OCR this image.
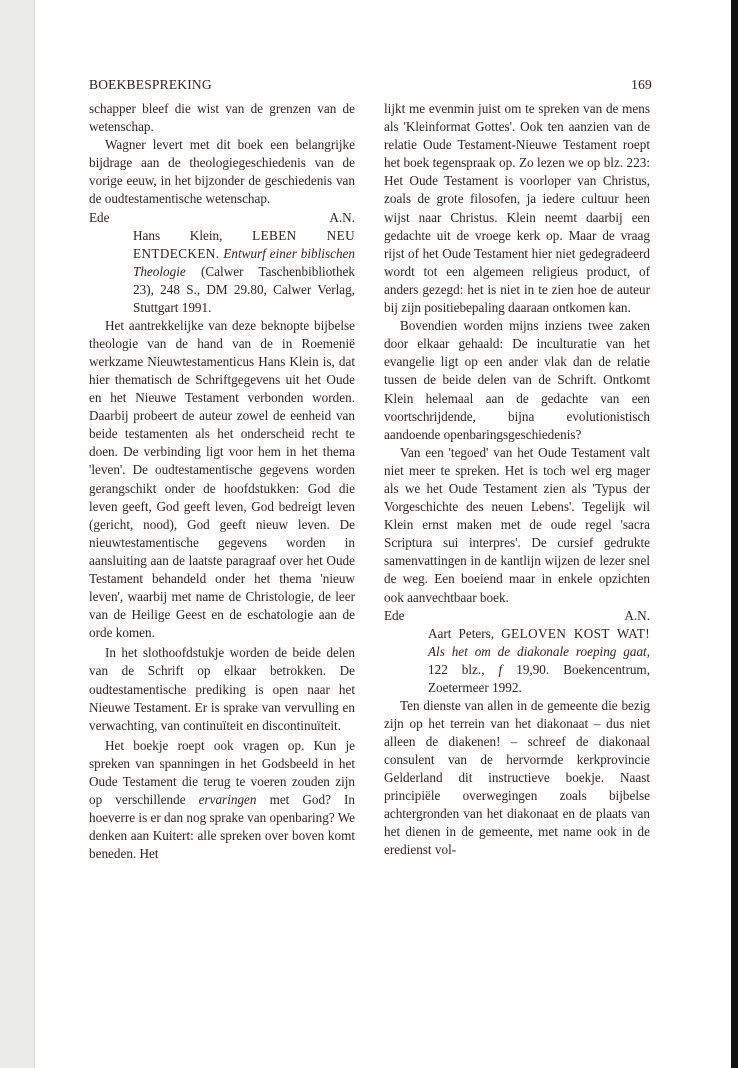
BOEKBESPREKING	169

schapper bleef die wist van de grenzen van de wetenschap.

Wagner levert met dit boek een belangrijke bijdrage aan de theologiegeschiedenis van de vorige eeuw, in het bijzonder de geschiedenis van de oudtestamentische wetenschap.

Ede	A.N.

Hans Klein, LEBEN NEU ENTDECKEN. Entwurf einer biblischen Theologie (Calwer Taschenbibliothek 23), 248 S., DM 29.80, Calwer Verlag, Stuttgart 1991.

Het aantrekkelijke van deze beknopte bijbelse theologie van de hand van de in Roemenië werkzame Nieuwtestamenticus Hans Klein is, dat hier thematisch de Schriftgegevens uit het Oude en het Nieuwe Testament verbonden worden. Daarbij probeert de auteur zowel de eenheid van beide testamenten als het onderscheid recht te doen. De verbinding ligt voor hem in het thema 'leven'. De oudtestamentische gegevens worden gerangschikt onder de hoofdstukken: God die leven geeft, God geeft leven, God bedreigt leven (gericht, nood), God geeft nieuw leven. De nieuwtestamentische gegevens worden in aansluiting aan de laatste paragraaf over het Oude Testament behandeld onder het thema 'nieuw leven', waarbij met name de Christologie, de leer van de Heilige Geest en de eschatologie aan de orde komen.

In het slothoofdstukje worden de beide delen van de Schrift op elkaar betrokken. De oudtestamentische prediking is open naar het Nieuwe Testament. Er is sprake van vervulling en verwachting, van continuïteit en discontinuïteit.

Het boekje roept ook vragen op. Kun je spreken van spanningen in het Godsbeeld in het Oude Testament die terug te voeren zouden zijn op verschillende ervaringen met God? In hoeverre is er dan nog sprake van openbaring? We denken aan Kuitert: alle spreken over boven komt beneden. Het

lijkt me evenmin juist om te spreken van de mens als 'Kleinformat Gottes'. Ook ten aanzien van de relatie Oude Testament-Nieuwe Testament roept het boek tegenspraak op. Zo lezen we op blz. 223: Het Oude Testament is voorloper van Christus, zoals de grote filosofen, ja iedere cultuur heen wijst naar Christus. Klein neemt daarbij een gedachte uit de vroege kerk op. Maar de vraag rijst of het Oude Testament hier niet gedegradeerd wordt tot een algemeen religieus product, of anders gezegd: het is niet in te zien hoe de auteur bij zijn positiebepaling daaraan ontkomen kan.

Bovendien worden mijns inziens twee zaken door elkaar gehaald: De inculturatie van het evangelie ligt op een ander vlak dan de relatie tussen de beide delen van de Schrift. Ontkomt Klein helemaal aan de gedachte van een voortschrijdende, bijna evolutionistisch aandoende openbaringsgeschiedenis?

Van een 'tegoed' van het Oude Testament valt niet meer te spreken. Het is toch wel erg mager als we het Oude Testament zien als 'Typus der Vorgeschichte des neuen Lebens'. Tegelijk wil Klein ernst maken met de oude regel 'sacra Scriptura sui interpres'. De cursief gedrukte samenvattingen in de kantlijn wijzen de lezer snel de weg. Een boeiend maar in enkele opzichten ook aanvechtbaar boek.

Ede	A.N.

Aart Peters, GELOVEN KOST WAT! Als het om de diakonale roeping gaat, 122 blz., f 19,90. Boekencentrum, Zoetermeer 1992.

Ten dienste van allen in de gemeente die bezig zijn op het terrein van het diakonaat – dus niet alleen de diakenen! – schreef de diakonaal consulent van de hervormde kerkprovincie Gelderland dit instructieve boekje. Naast principiële overwegingen zoals bijbelse achtergronden van het diakonaat en de plaats van het dienen in de gemeente, met name ook in de eredienst vol-
